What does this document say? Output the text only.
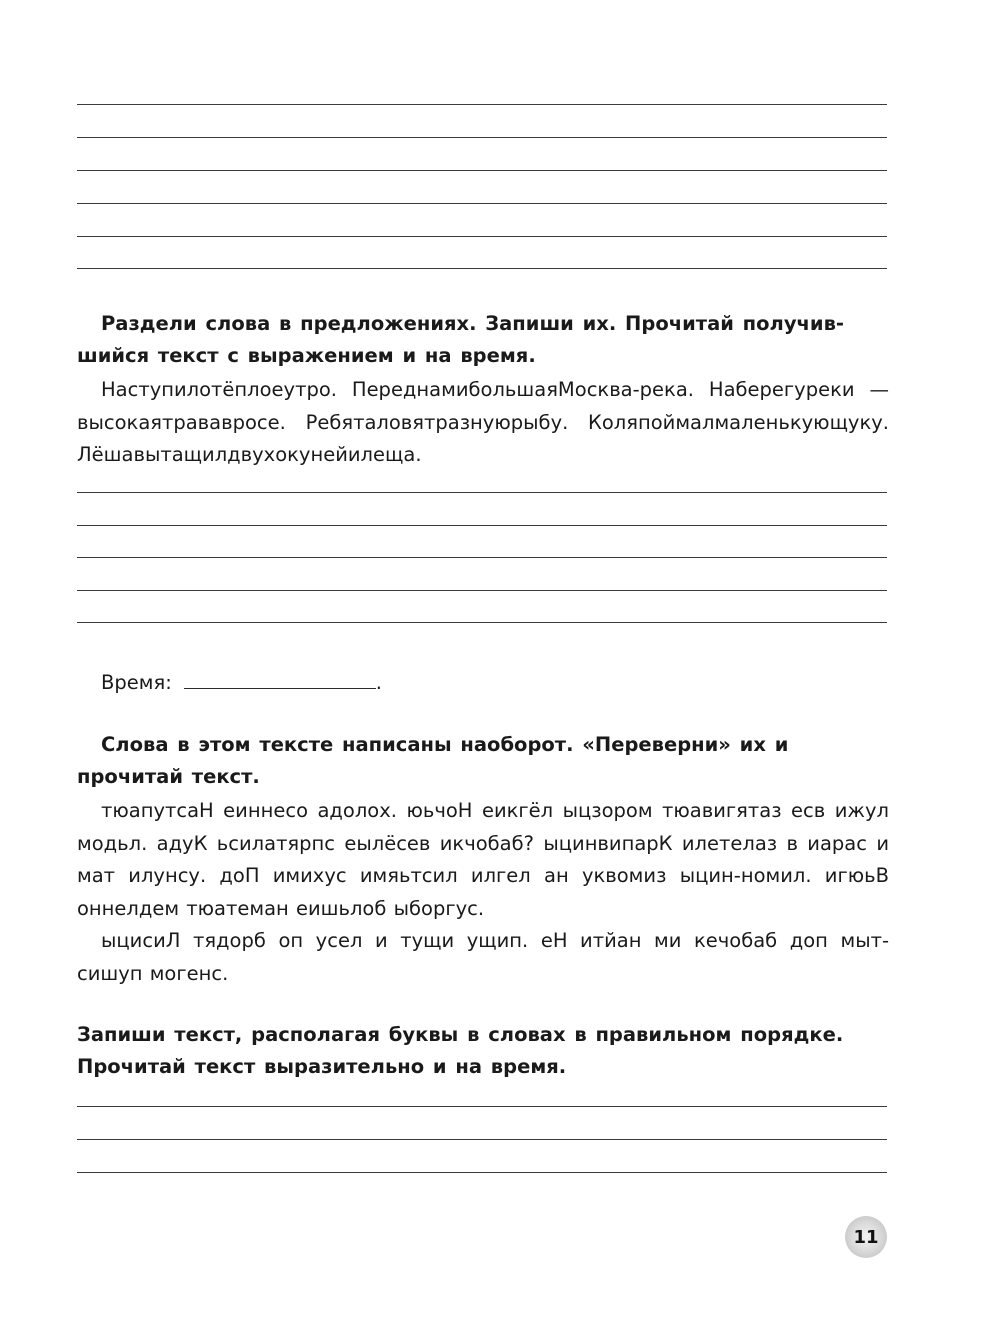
Раздели слова в предложениях. Запиши их. Прочитай получив-
шийся текст с выражением и на время.

Наступилотёплоеутро. ПереднамибольшаяМосква-река. Наберегуреки — высокаятрававрoсе. Ребяталовятразнуюрыбу. Коляпоймалмаленькующуку. Лёшавытащилдвухокунейилеща.

Время:	.

Слова в этом тексте написаны наоборот. «Переверни» их и
прочитай текст.

тюапутсаН еиннесо адолох. юьчоН еикгёл ыцзором тюавигятаз есв ижул модьл. адуК ьсилатярпс еылёсев икчобаб? ыцинвипарК илетелаз в иарас и мат илунсу. доП имихус имяьтсил илгел ан уквомиз ыцин-номил. игюьВ оннелдем тюатеман еишьлоб ыборгус.

ыцисиЛ тядорб оп усел и тущи ущип. еН итйан ми кечобаб доп мыт-сишуп могенс.

Запиши текст, располагая буквы в словах в правильном порядке.
Прочитай текст выразительно и на время.

11
